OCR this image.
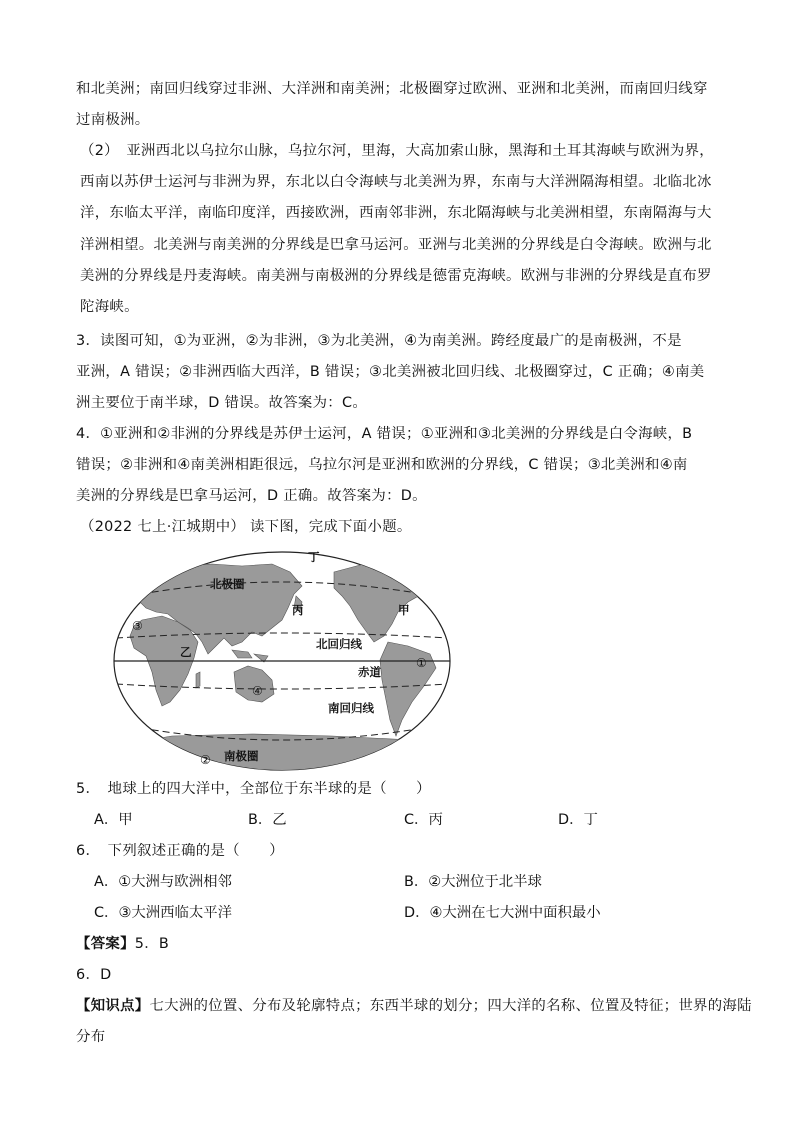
和北美洲；南回归线穿过非洲、大洋洲和南美洲；北极圈穿过欧洲、亚洲和北美洲，而南回归线穿
过南极洲。
（2）　亚洲西北以乌拉尔山脉，乌拉尔河，里海，大高加索山脉，黑海和土耳其海峡与欧洲为界，
西南以苏伊士运河与非洲为界，东北以白令海峡与北美洲为界，东南与大洋洲隔海相望。北临北冰
洋，东临太平洋，南临印度洋，西接欧洲，西南邻非洲，东北隔海峡与北美洲相望，东南隔海与大
洋洲相望。北美洲与南美洲的分界线是巴拿马运河。亚洲与北美洲的分界线是白令海峡。欧洲与北
美洲的分界线是丹麦海峡。南美洲与南极洲的分界线是德雷克海峡。欧洲与非洲的分界线是直布罗
陀海峡。
3．读图可知，①为亚洲，②为非洲，③为北美洲，④为南美洲。跨经度最广的是南极洲，不是
亚洲，A 错误；②非洲西临大西洋，B 错误；③北美洲被北回归线、北极圈穿过，C 正确；④南美
洲主要位于南半球，D 错误。故答案为：C。
4．①亚洲和②非洲的分界线是苏伊士运河，A 错误；①亚洲和③北美洲的分界线是白令海峡，B
错误；②非洲和④南美洲相距很远，乌拉尔河是亚洲和欧洲的分界线，C 错误；③北美洲和④南
美洲的分界线是巴拿马运河，D 正确。故答案为：D。
（2022 七上·江城期中） 读下图，完成下面小题。
丁
北极圈
丙	甲
北回归线
乙
赤道
南回归线
南极圈
③
①
④
②
5．　地球上的四大洋中，全部位于东半球的是（　　）
A．甲	B．乙	C．丙	D．丁
6．　下列叙述正确的是（　　）
A．①大洲与欧洲相邻	B．②大洲位于北半球
C．③大洲西临太平洋	D．④大洲在七大洲中面积最小
【答案】5．B
6．D
【知识点】七大洲的位置、分布及轮廓特点；东西半球的划分；四大洋的名称、位置及特征；世界的海陆
分布
